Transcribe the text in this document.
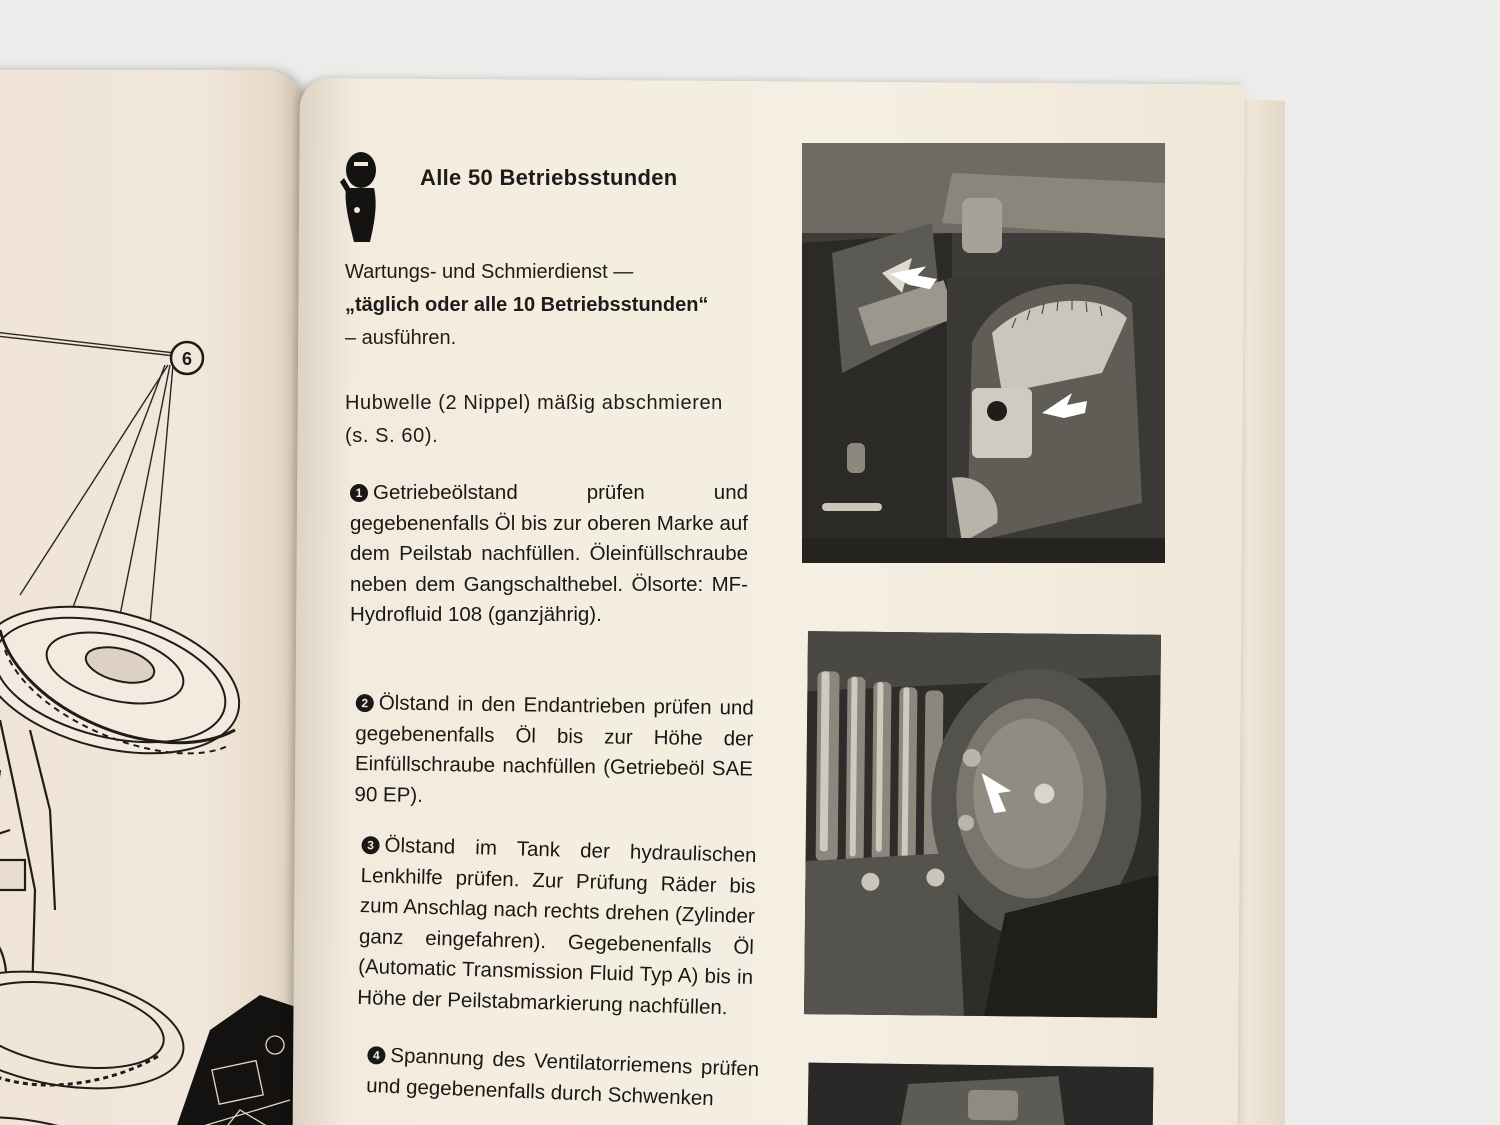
6
Alle 50 Betriebsstunden
Wartungs- und Schmierdienst —
„täglich oder alle 10 Betriebsstunden“
– ausführen.
Hubwelle (2 Nippel) mäßig abschmieren (s. S. 60).
1 Getriebeölstand prüfen und gegebenenfalls Öl bis zur oberen Marke auf dem Peilstab nachfüllen. Öleinfüllschraube neben dem Gangschalthebel. Ölsorte: MF-Hydrofluid 108 (ganzjährig).
2 Ölstand in den Endantrieben prüfen und gegebenenfalls Öl bis zur Höhe der Einfüllschraube nachfüllen (Getriebeöl SAE 90 EP).
3 Ölstand im Tank der hydraulischen Lenkhilfe prüfen. Zur Prüfung Räder bis zum Anschlag nach rechts drehen (Zylinder ganz eingefahren). Gegebenenfalls Öl (Automatic Transmission Fluid Typ A) bis in Höhe der Peilstabmarkierung nachfüllen.
4 Spannung des Ventilatorriemens prüfen und gegebenenfalls durch Schwenken
